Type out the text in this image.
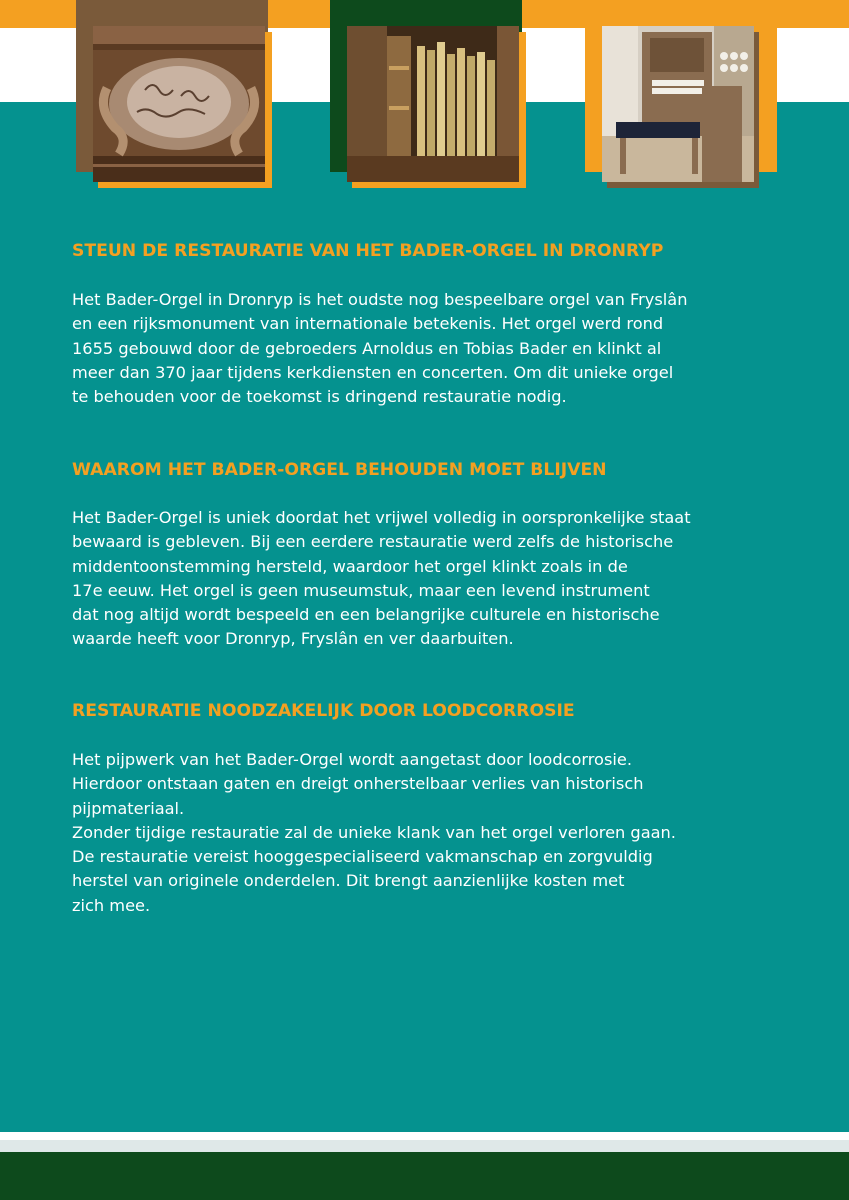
STEUN DE RESTAURATIE VAN HET BADER-ORGEL IN DRONRYP
Het Bader-Orgel in Dronryp is het oudste nog bespeelbare orgel van Fryslân
en een rijksmonument van internationale betekenis. Het orgel werd rond
1655 gebouwd door de gebroeders Arnoldus en Tobias Bader en klinkt al
meer dan 370 jaar tijdens kerkdiensten en concerten. Om dit unieke orgel
te behouden voor de toekomst is dringend restauratie nodig.
WAAROM HET BADER-ORGEL BEHOUDEN MOET BLIJVEN
Het Bader-Orgel is uniek doordat het vrijwel volledig in oorspronkelijke staat
bewaard is gebleven. Bij een eerdere restauratie werd zelfs de historische
middentoonstemming hersteld, waardoor het orgel klinkt zoals in de
17e eeuw. Het orgel is geen museumstuk, maar een levend instrument
dat nog altijd wordt bespeeld en een belangrijke culturele en historische
waarde heeft voor Dronryp, Fryslân en ver daarbuiten.
RESTAURATIE NOODZAKELIJK DOOR LOODCORROSIE
Het pijpwerk van het Bader-Orgel wordt aangetast door loodcorrosie.
Hierdoor ontstaan gaten en dreigt onherstelbaar verlies van historisch
pijpmateriaal.
Zonder tijdige restauratie zal de unieke klank van het orgel verloren gaan.
De restauratie vereist hooggespecialiseerd vakmanschap en zorgvuldig
herstel van originele onderdelen. Dit brengt aanzienlijke kosten met
zich mee.
